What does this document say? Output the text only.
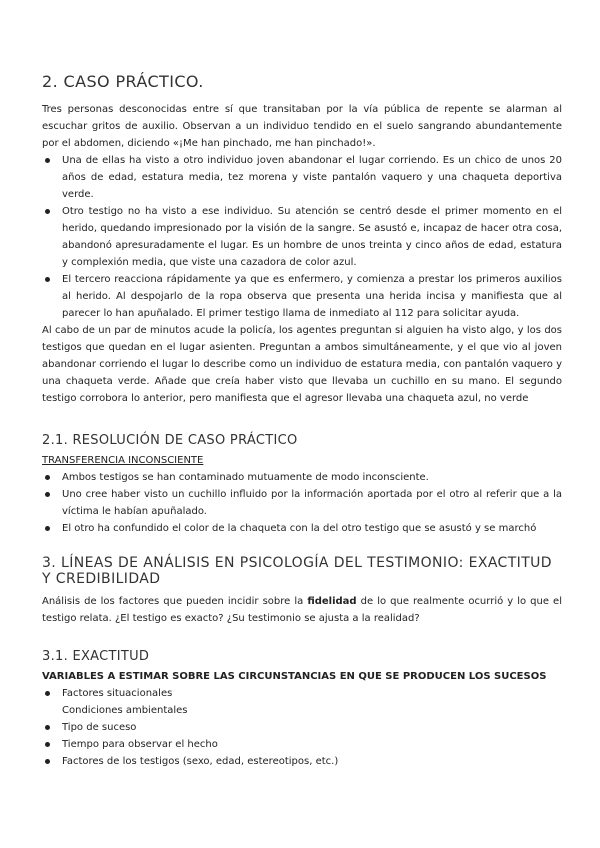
2. CASO PRÁCTICO.

Tres personas desconocidas entre sí que transitaban por la vía pública de repente se alarman al escuchar gritos de auxilio. Observan a un individuo tendido en el suelo sangrando abundantemente por el abdomen, diciendo «¡Me han pinchado, me han pinchado!».

Una de ellas ha visto a otro individuo joven abandonar el lugar corriendo. Es un chico de unos 20 años de edad, estatura media, tez morena y viste pantalón vaquero y una chaqueta deportiva verde.
Otro testigo no ha visto a ese individuo. Su atención se centró desde el primer momento en el herido, quedando impresionado por la visión de la sangre. Se asustó e, incapaz de hacer otra cosa, abandonó apresuradamente el lugar. Es un hombre de unos treinta y cinco años de edad, estatura y complexión media, que viste una cazadora de color azul.
El tercero reacciona rápidamente ya que es enfermero, y comienza a prestar los primeros auxilios al herido. Al despojarlo de la ropa observa que presenta una herida incisa y manifiesta que al parecer lo han apuñalado. El primer testigo llama de inmediato al 112 para solicitar ayuda.

Al cabo de un par de minutos acude la policía, los agentes preguntan si alguien ha visto algo, y los dos testigos que quedan en el lugar asienten. Preguntan a ambos simultáneamente, y el que vio al joven abandonar corriendo el lugar lo describe como un individuo de estatura media, con pantalón vaquero y una chaqueta verde. Añade que creía haber visto que llevaba un cuchillo en su mano. El segundo testigo corrobora lo anterior, pero manifiesta que el agresor llevaba una chaqueta azul, no verde

2.1. RESOLUCIÓN DE CASO PRÁCTICO
TRANSFERENCIA INCONSCIENTE
Ambos testigos se han contaminado mutuamente de modo inconsciente.
Uno cree haber visto un cuchillo influido por la información aportada por el otro al referir que a la víctima le habían apuñalado.
El otro ha confundido el color de la chaqueta con la del otro testigo que se asustó y se marchó
3. LÍNEAS DE ANÁLISIS EN PSICOLOGÍA DEL TESTIMONIO: EXACTITUD Y CREDIBILIDAD

Análisis de los factores que pueden incidir sobre la fidelidad de lo que realmente ocurrió y lo que el testigo relata. ¿El testigo es exacto? ¿Su testimonio se ajusta a la realidad?

3.1. EXACTITUD
VARIABLES A ESTIMAR SOBRE LAS CIRCUNSTANCIAS EN QUE SE PRODUCEN LOS SUCESOS
Factores situacionales
Condiciones ambientales
Tipo de suceso
Tiempo para observar el hecho
Factores de los testigos (sexo, edad, estereotipos, etc.)
